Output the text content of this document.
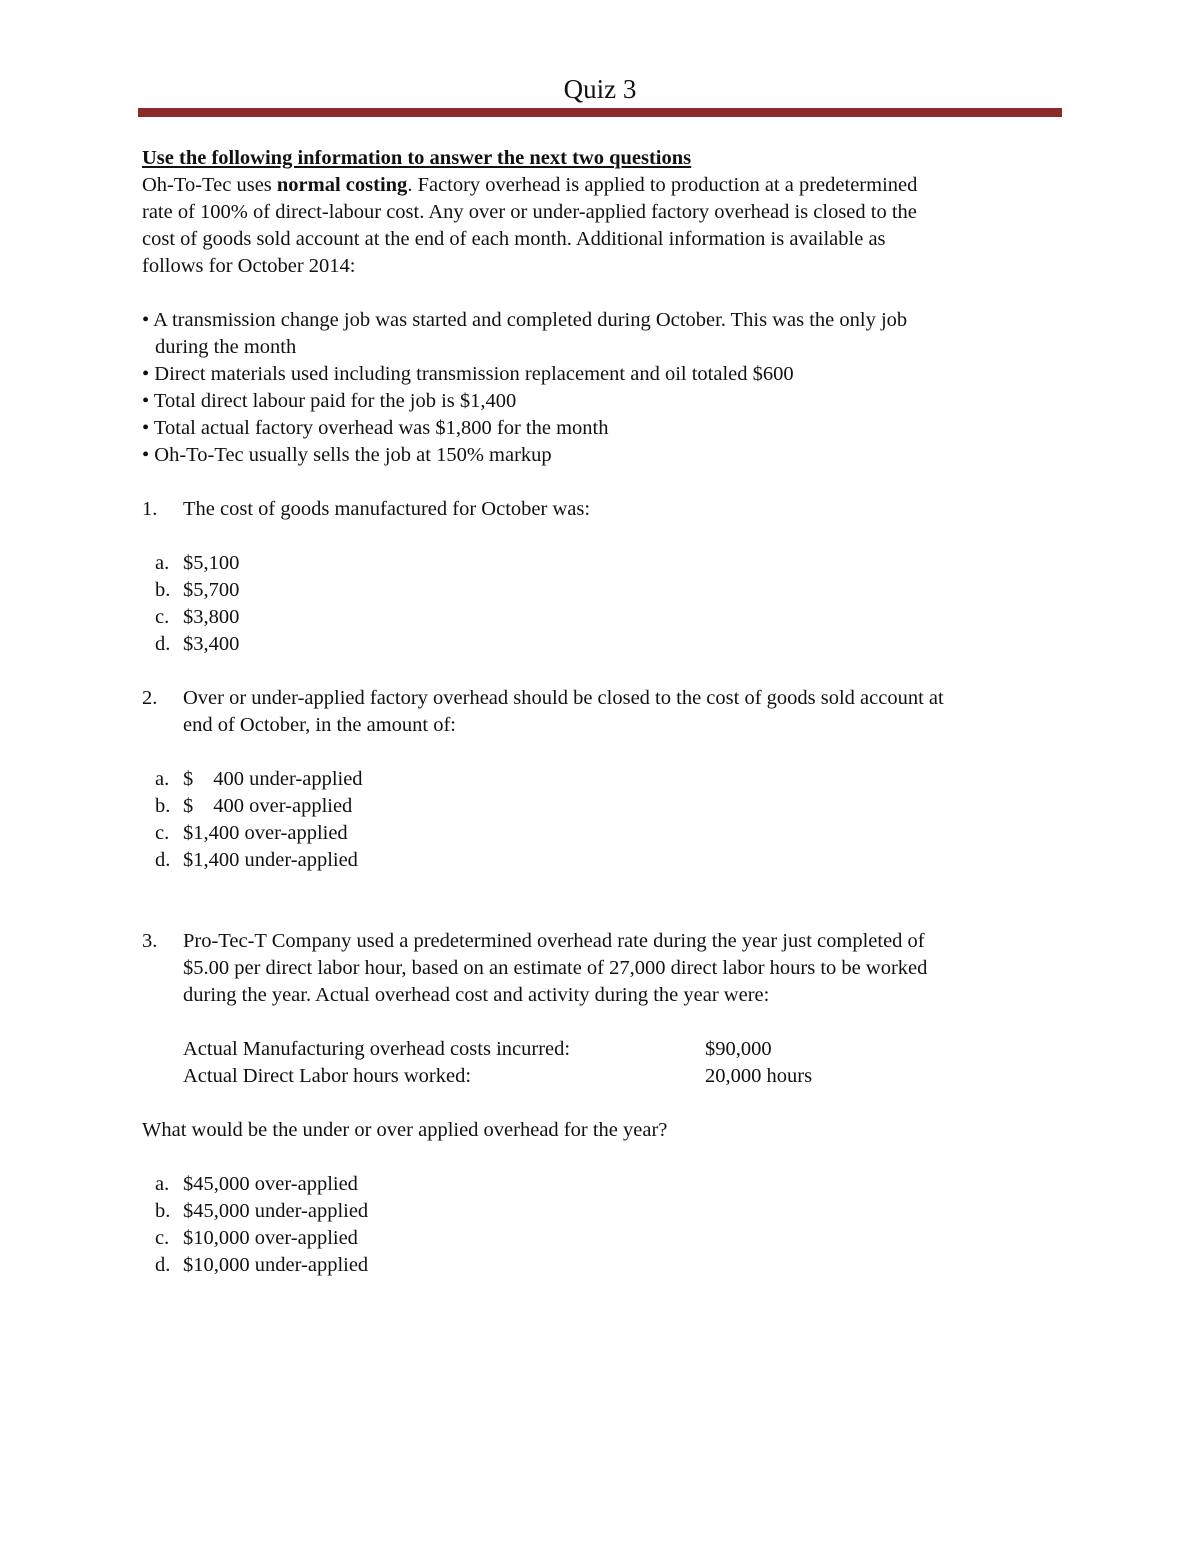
Quiz 3
Use the following information to answer the next two questions
Oh-To-Tec uses normal costing. Factory overhead is applied to production at a predetermined
rate of 100% of direct-labour cost. Any over or under-applied factory overhead is closed to the
cost of goods sold account at the end of each month. Additional information is available as
follows for October 2014:
• A transmission change job was started and completed during October. This was the only job
during the month
• Direct materials used including transmission replacement and oil totaled $600
• Total direct labour paid for the job is $1,400
• Total actual factory overhead was $1,800 for the month
• Oh-To-Tec usually sells the job at 150% markup
1. The cost of goods manufactured for October was:
a. $5,100
b. $5,700
c. $3,800
d. $3,400
2. Over or under-applied factory overhead should be closed to the cost of goods sold account at
end of October, in the amount of:
a. $ 400 under-applied
b. $ 400 over-applied
c. $1,400 over-applied
d. $1,400 under-applied
3. Pro-Tec-T Company used a predetermined overhead rate during the year just completed of
$5.00 per direct labor hour, based on an estimate of 27,000 direct labor hours to be worked
during the year. Actual overhead cost and activity during the year were:
Actual Manufacturing overhead costs incurred:	$90,000
Actual Direct Labor hours worked:	20,000 hours
What would be the under or over applied overhead for the year?
a. $45,000 over-applied
b. $45,000 under-applied
c. $10,000 over-applied
d. $10,000 under-applied
